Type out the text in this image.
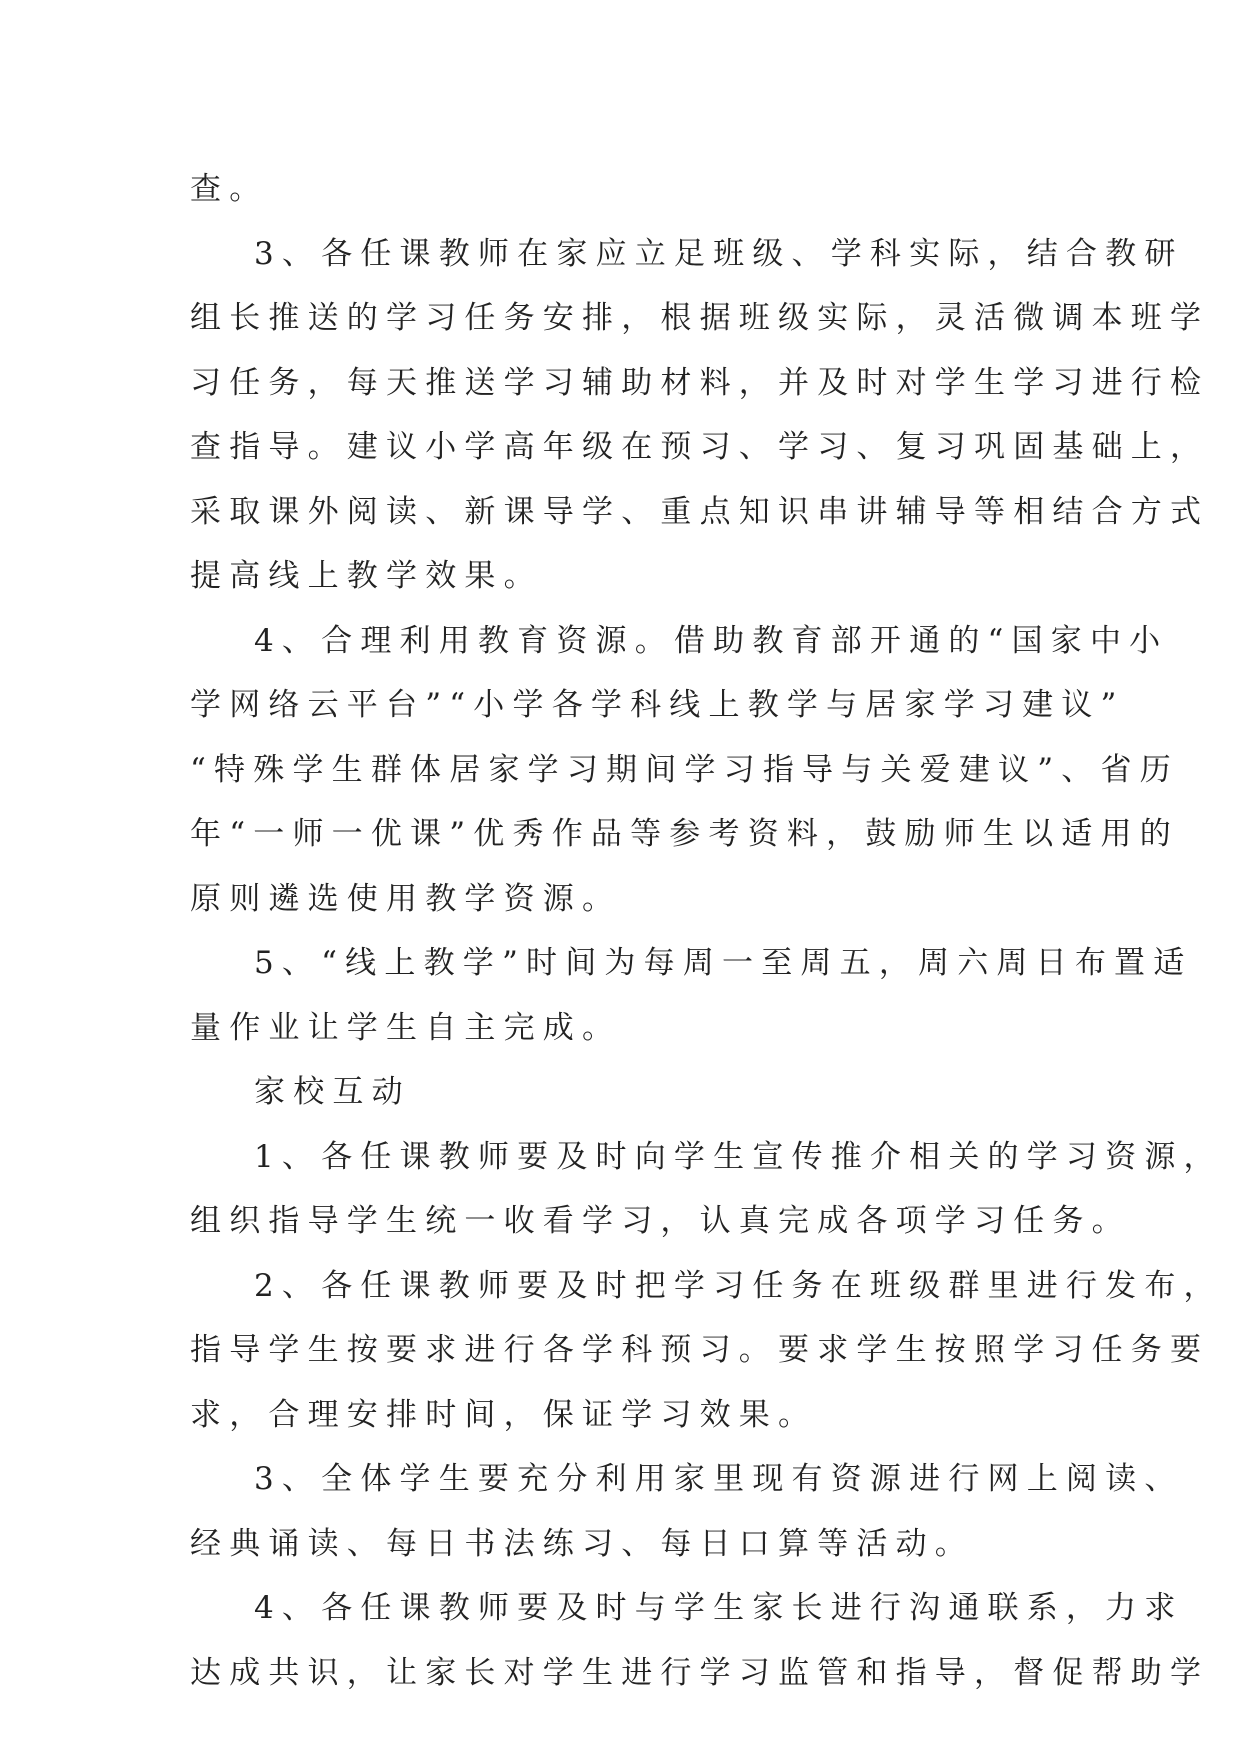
查。
3、各任课教师在家应立足班级、学科实际，结合教研
组长推送的学习任务安排，根据班级实际，灵活微调本班学
习任务，每天推送学习辅助材料，并及时对学生学习进行检
查指导。建议小学高年级在预习、学习、复习巩固基础上，
采取课外阅读、新课导学、重点知识串讲辅导等相结合方式
提高线上教学效果。
4、合理利用教育资源。借助教育部开通的“国家中小
学网络云平台”“小学各学科线上教学与居家学习建议”
“特殊学生群体居家学习期间学习指导与关爱建议”、省历
年“一师一优课”优秀作品等参考资料，鼓励师生以适用的
原则遴选使用教学资源。
5、“线上教学”时间为每周一至周五，周六周日布置适
量作业让学生自主完成。
家校互动
1、各任课教师要及时向学生宣传推介相关的学习资源，
组织指导学生统一收看学习，认真完成各项学习任务。
2、各任课教师要及时把学习任务在班级群里进行发布，
指导学生按要求进行各学科预习。要求学生按照学习任务要
求，合理安排时间，保证学习效果。
3、全体学生要充分利用家里现有资源进行网上阅读、
经典诵读、每日书法练习、每日口算等活动。
4、各任课教师要及时与学生家长进行沟通联系，力求
达成共识，让家长对学生进行学习监管和指导，督促帮助学
